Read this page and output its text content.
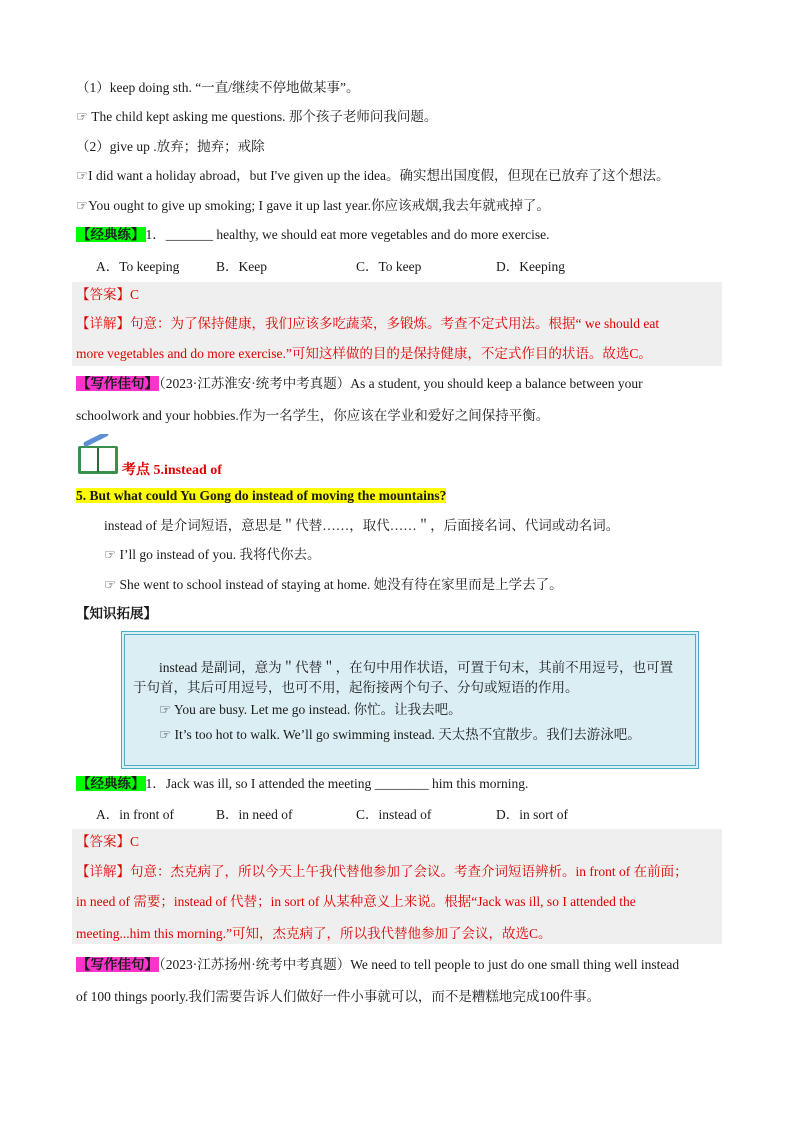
（1）keep doing sth. “一直/继续不停地做某事”。
☞ The child kept asking me questions. 那个孩子老师问我问题。
（2）give up .放弃；抛弃；戒除
☞I did want a holiday abroad，but I've given up the idea。确实想出国度假，但现在已放弃了这个想法。
☞You ought to give up smoking; I gave it up last year.你应该戒烟,我去年就戒掉了。
【经典练】1．_______ healthy, we should eat more vegetables and do more exercise.
A．To keeping	B．Keep	C．To keep	D．Keeping
【答案】C
【详解】句意：为了保持健康，我们应该多吃蔬菜，多锻炼。考查不定式用法。根据“ we should eat
more vegetables and do more exercise.”可知这样做的目的是保持健康，不定式作目的状语。故选C。
【写作佳句】（2023·江苏淮安·统考中考真题）As a student, you should keep a balance between your
schoolwork and your hobbies.作为一名学生，你应该在学业和爱好之间保持平衡。
考点 5.instead of
5. But what could Yu Gong do instead of moving the mountains?
instead of 是介词短语，意思是＂代替……，取代……＂，后面接名词、代词或动名词。
☞ I’ll go instead of you. 我将代你去。
☞ She went to school instead of staying at home. 她没有待在家里而是上学去了。
【知识拓展】
instead 是副词，意为＂代替＂，在句中用作状语，可置于句末，其前不用逗号，也可置
于句首，其后可用逗号，也可不用，起衔接两个句子、分句或短语的作用。
☞ You are busy. Let me go instead. 你忙。让我去吧。
☞ It’s too hot to walk. We’ll go swimming instead. 天太热不宜散步。我们去游泳吧。
【经典练】1．Jack was ill, so I attended the meeting ________ him this morning.
A．in front of	B．in need of	C．instead of	D．in sort of
【答案】C
【详解】句意：杰克病了，所以今天上午我代替他参加了会议。考查介词短语辨析。in front of 在前面；
in need of 需要；instead of 代替；in sort of 从某种意义上来说。根据“Jack was ill, so I attended the
meeting...him this morning.”可知，杰克病了，所以我代替他参加了会议，故选C。
【写作佳句】（2023·江苏扬州·统考中考真题）We need to tell people to just do one small thing well instead
of 100 things poorly.我们需要告诉人们做好一件小事就可以，而不是糟糕地完成100件事。
